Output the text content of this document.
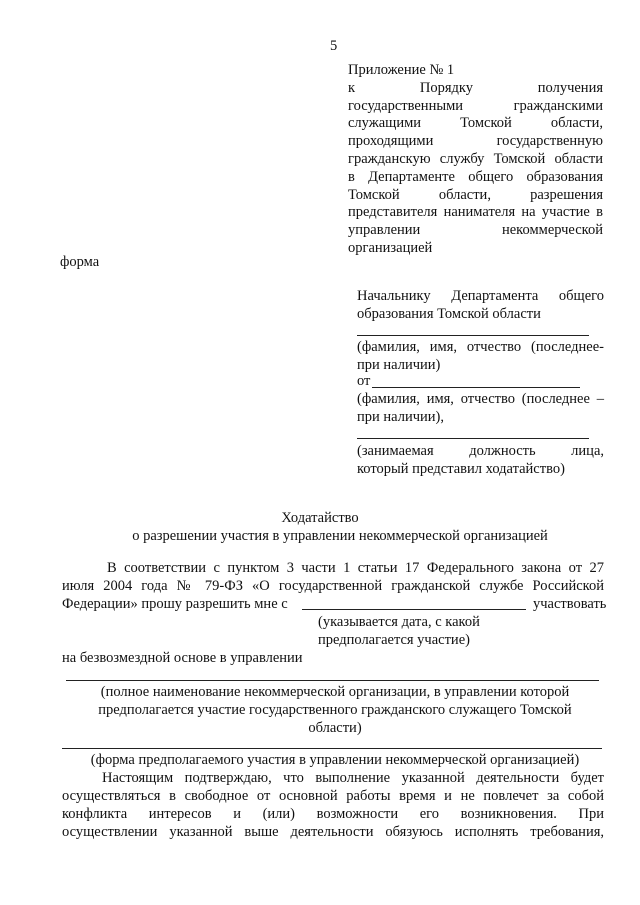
5
Приложение № 1
к Порядку получения
государственными гражданскими
служащими Томской области,
проходящими государственную
гражданскую службу Томской области
в Департаменте общего образования
Томской области, разрешения
представителя нанимателя на участие в
управлении некоммерческой
организацией
форма
Начальнику Департамента общего
образования Томской области
(фамилия, имя, отчество (последнее-
при наличии)
от
(фамилия, имя, отчество (последнее –
при наличии),
(занимаемая должность лица,
который представил ходатайство)
Ходатайство
о разрешении участия в управлении некоммерческой организацией
В соответствии с пунктом 3 части 1 статьи 17 Федерального закона от 27
июля 2004 года № 79-ФЗ «О государственной гражданской службе Российской
Федерации» прошу разрешить мне с	участвовать
(указывается дата, с какой
предполагается участие)
на безвозмездной основе в управлении
(полное наименование некоммерческой организации, в управлении которой
предполагается участие государственного гражданского служащего Томской
области)
(форма предполагаемого участия в управлении некоммерческой организацией)
Настоящим подтверждаю, что выполнение указанной деятельности будет
осуществляться в свободное от основной работы время и не повлечет за собой
конфликта интересов и (или) возможности его возникновения. При
осуществлении указанной выше деятельности обязуюсь исполнять требования,
